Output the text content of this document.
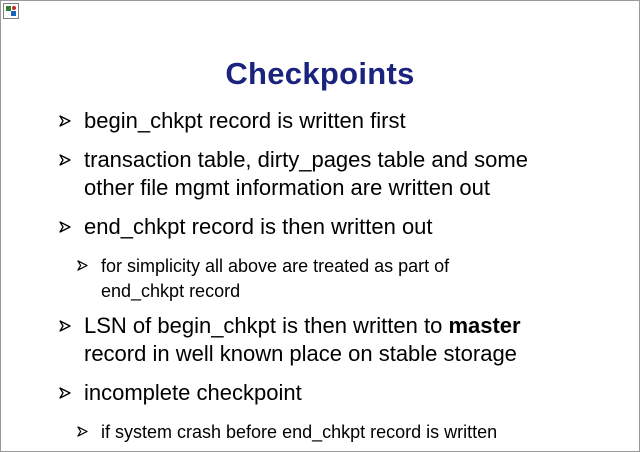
Checkpoints
begin_chkpt record is written first
transaction table, dirty_pages table and some
other file mgmt information are written out
end_chkpt record is then written out
for simplicity all above are treated as part of
end_chkpt record
LSN of begin_chkpt is then written to master
record in well known place on stable storage
incomplete checkpoint
if system crash before end_chkpt record is written
